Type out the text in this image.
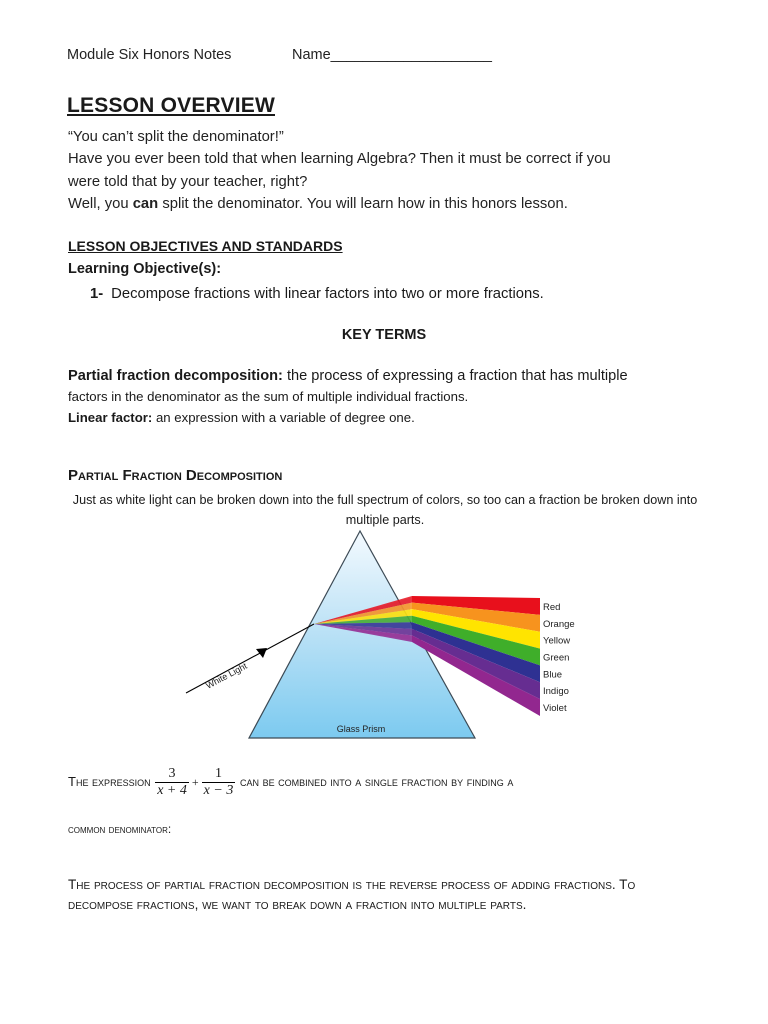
Module Six Honors Notes	Name____________________
LESSON OVERVIEW
“You can’t split the denominator!”
Have you ever been told that when learning Algebra? Then it must be correct if you
were told that by your teacher, right?
Well, you can split the denominator. You will learn how in this honors lesson.
LESSON OBJECTIVES AND STANDARDS
Learning Objective(s):
1- Decompose fractions with linear factors into two or more fractions.
KEY TERMS
Partial fraction decomposition: the process of expressing a fraction that has multiple
factors in the denominator as the sum of multiple individual fractions.
Linear factor: an expression with a variable of degree one.
Partial Fraction Decomposition
Just as white light can be broken down into the full spectrum of colors, so too can a fraction be broken down into multiple parts.
White Light
Glass Prism
Red
Orange
Yellow
Green
Blue
Indigo
Violet
The expression $\frac{3}{x + 4} + \frac{1}{x - 3}$ can be combined into a single fraction by finding a
common denominator:
The process of partial fraction decomposition is the reverse process of adding fractions. To decompose fractions, we want to break down a fraction into multiple parts.
